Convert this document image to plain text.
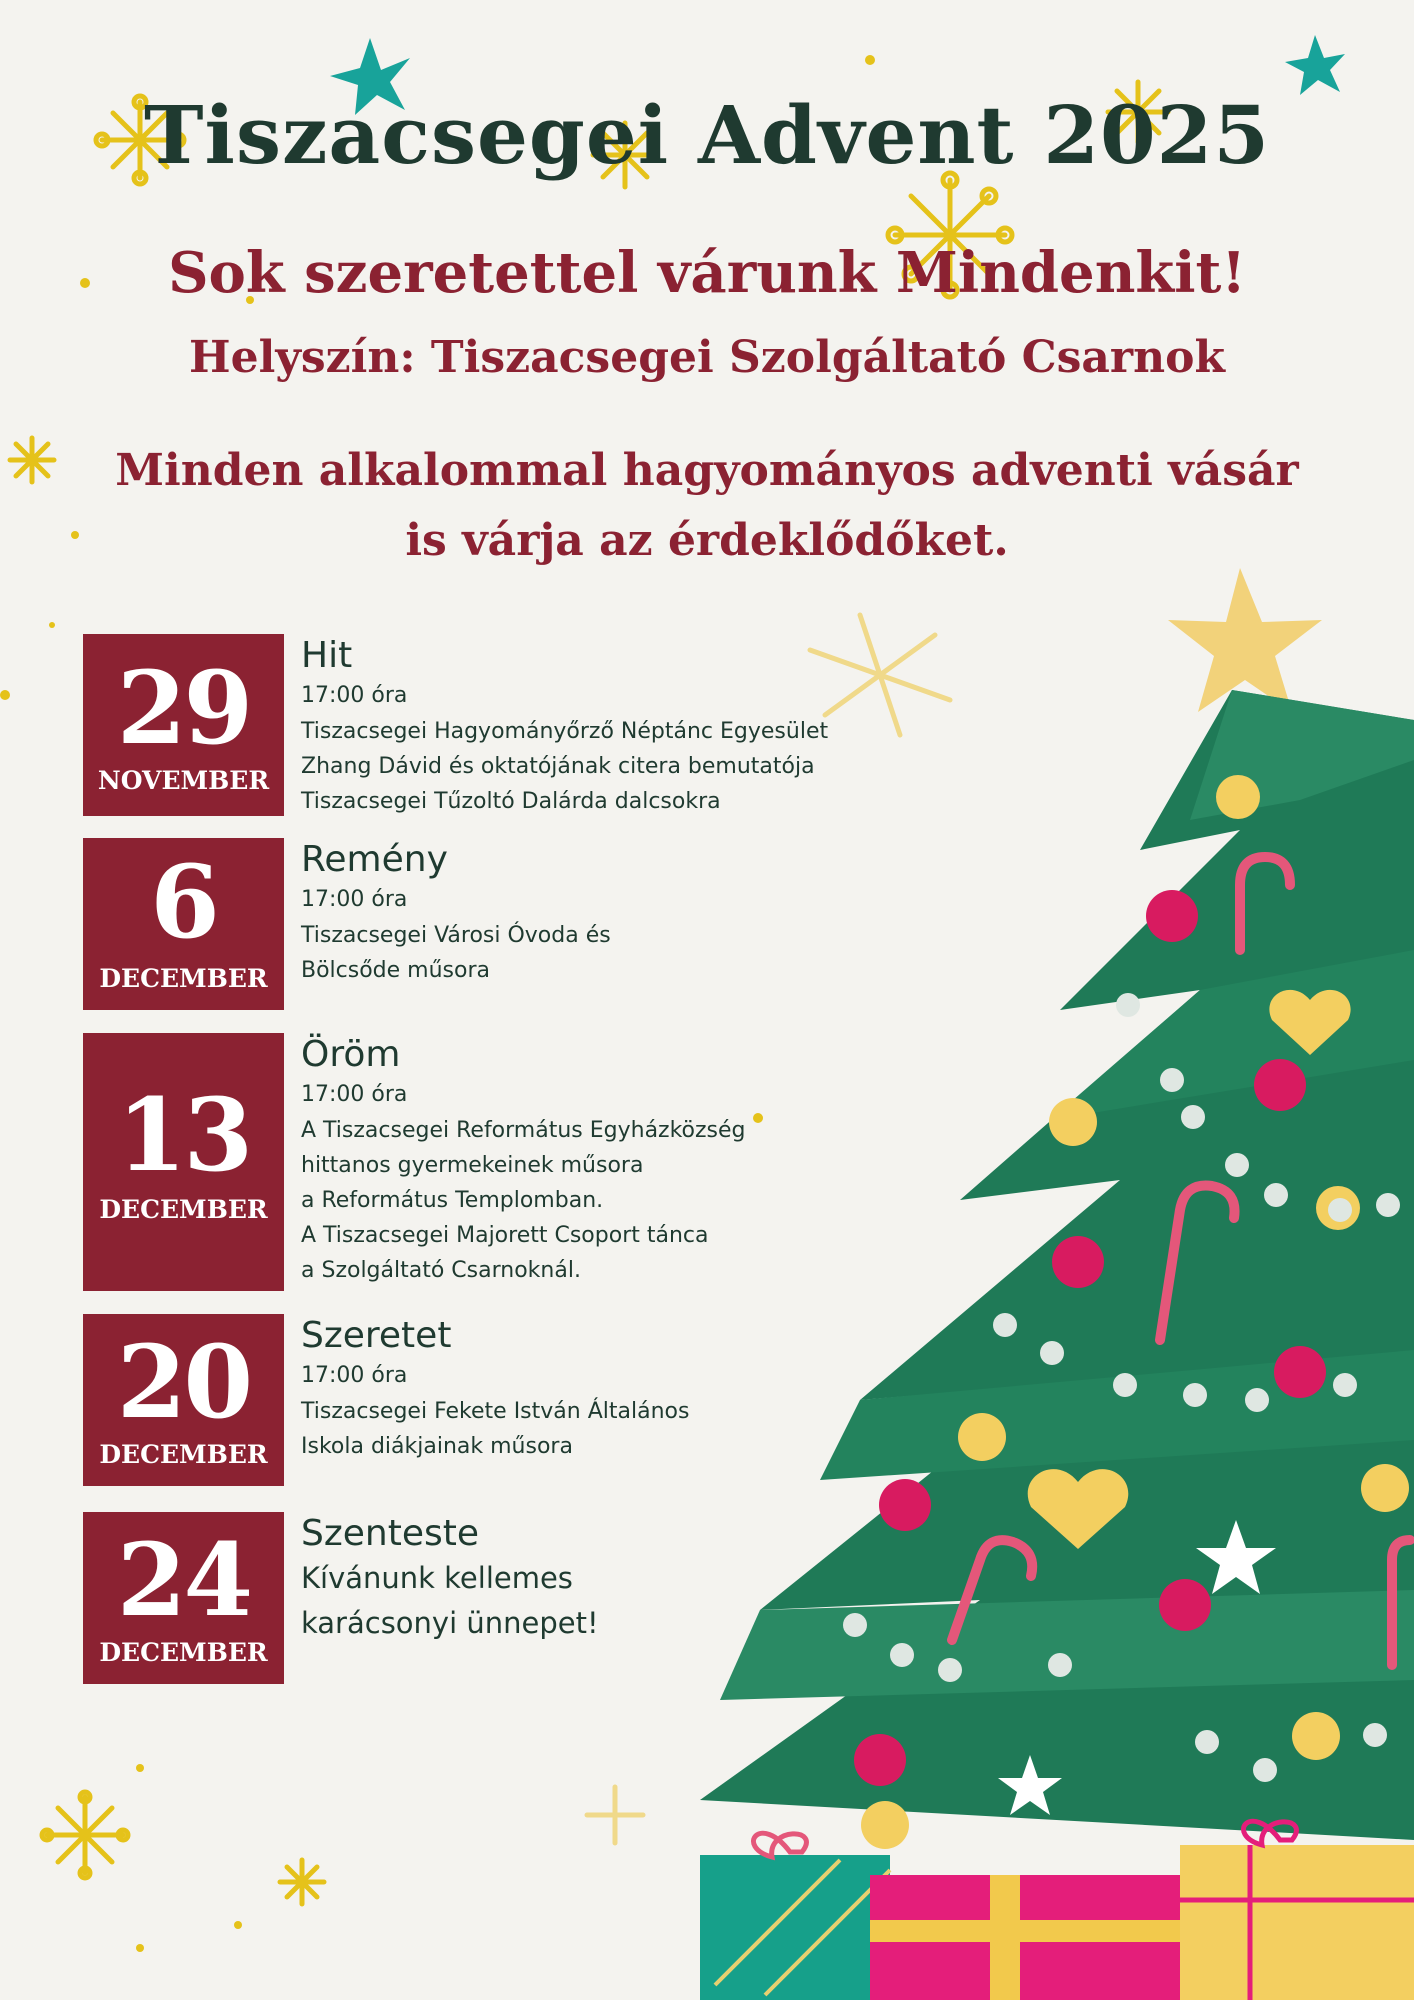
Tiszacsegei Advent 2025
Sok szeretettel várunk Mindenkit!
Helyszín: Tiszacsegei Szolgáltató Csarnok

Minden alkalommal hagyományos adventi vásár is várja az érdeklődőket.

29
NOVEMBER
Hit
17:00 óra
Tiszacsegei Hagyományőrző Néptánc Egyesület
Zhang Dávid és oktatójának citera bemutatója
Tiszacsegei Tűzoltó Dalárda dalcsokra
6
DECEMBER
Remény
17:00 óra
Tiszacsegei Városi Óvoda és
Bölcsőde műsora
13
DECEMBER
Öröm
17:00 óra
A Tiszacsegei Református Egyházközség
hittanos gyermekeinek műsora
a Református Templomban.
A Tiszacsegei Majorett Csoport tánca
a Szolgáltató Csarnoknál.
20
DECEMBER
Szeretet
17:00 óra
Tiszacsegei Fekete István Általános
Iskola diákjainak műsora
24
DECEMBER
Szenteste
Kívánunk kellemes
karácsonyi ünnepet!
